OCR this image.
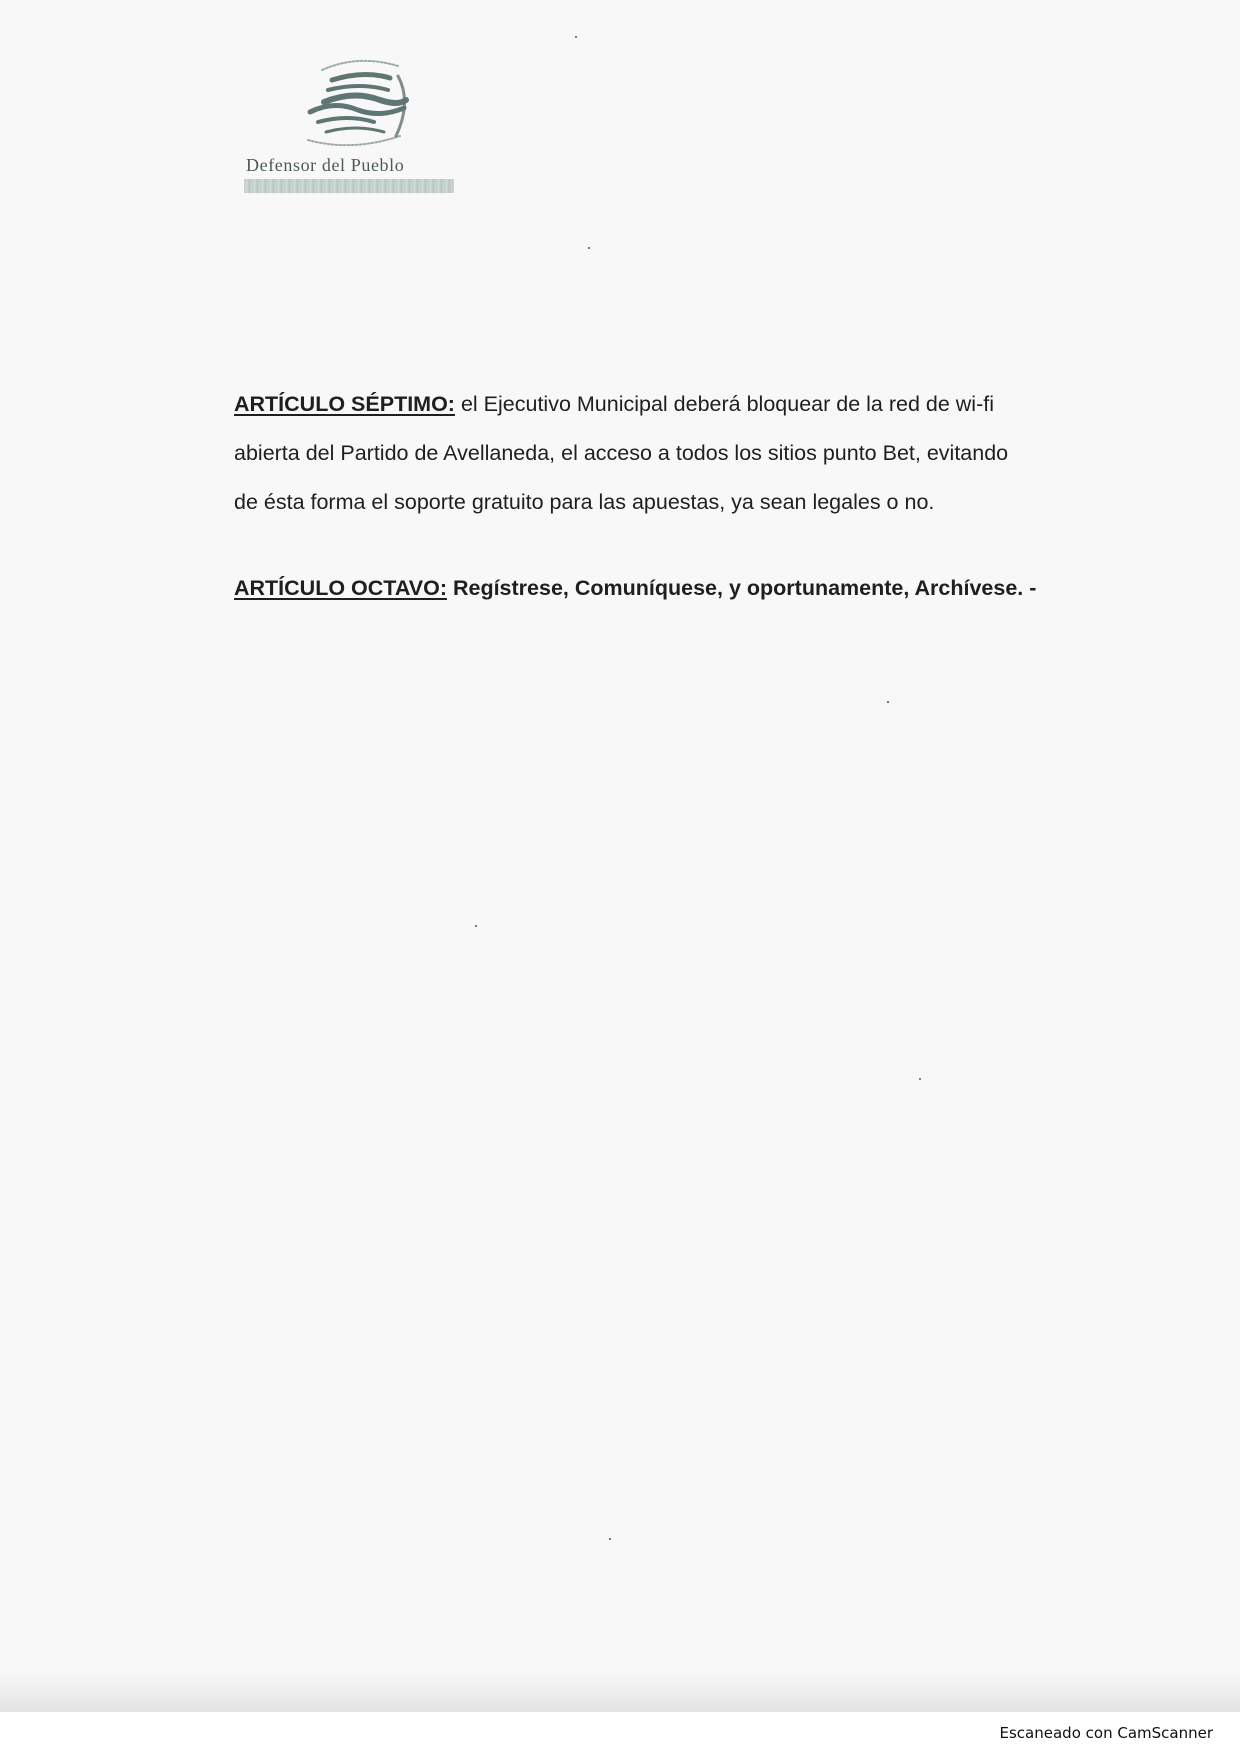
Defensor del Pueblo
ARTÍCULO SÉPTIMO: el Ejecutivo Municipal deberá bloquear de la red de wi-fi
abierta del Partido de Avellaneda, el acceso a todos los sitios punto Bet, evitando
de ésta forma el soporte gratuito para las apuestas, ya sean legales o no.
ARTÍCULO OCTAVO: Regístrese, Comuníquese, y oportunamente, Archívese. -
Escaneado con CamScanner
